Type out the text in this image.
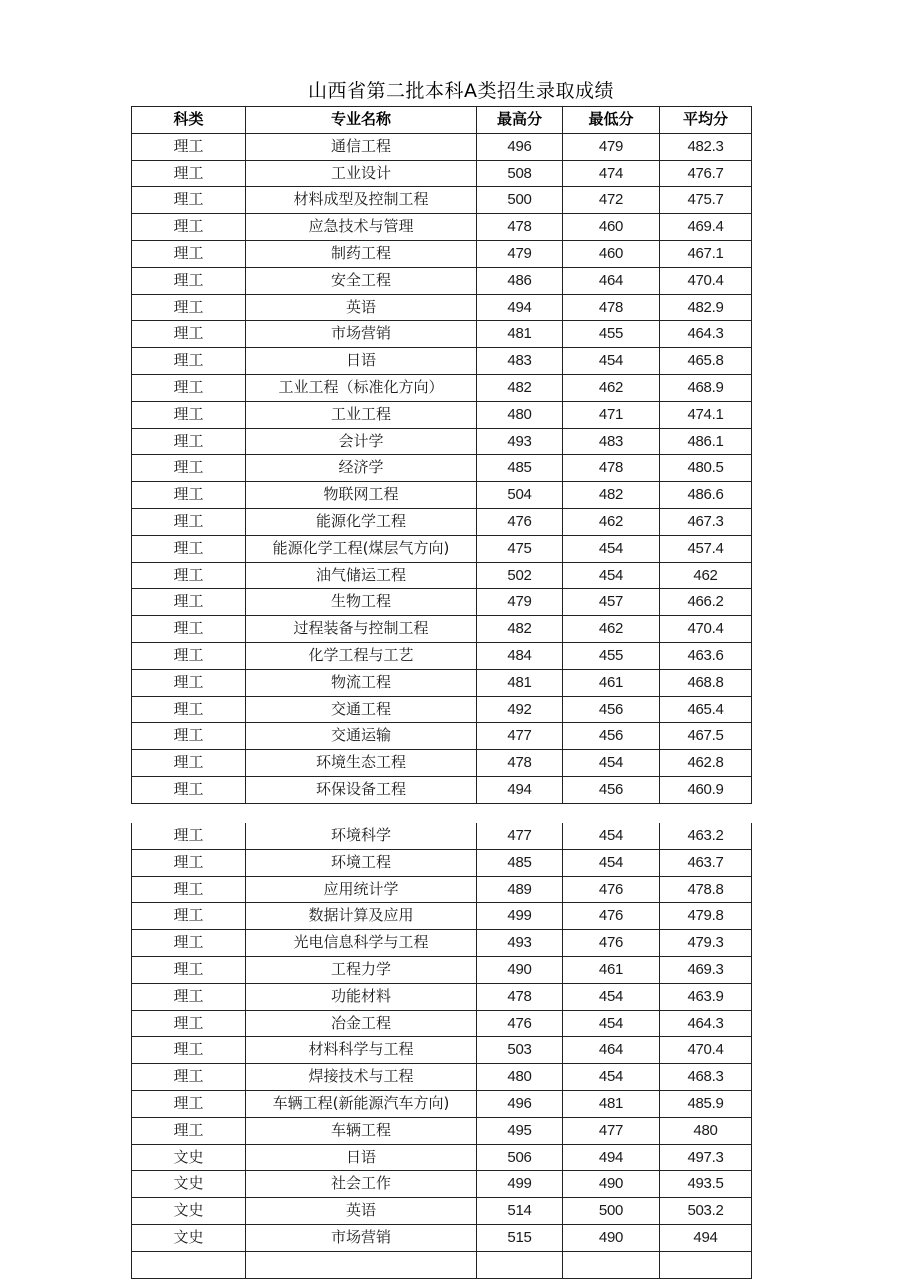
山西省第二批本科A类招生录取成绩
科类	专业名称	最高分	最低分	平均分
理工	通信工程	496	479	482.3
理工	工业设计	508	474	476.7
理工	材料成型及控制工程	500	472	475.7
理工	应急技术与管理	478	460	469.4
理工	制药工程	479	460	467.1
理工	安全工程	486	464	470.4
理工	英语	494	478	482.9
理工	市场营销	481	455	464.3
理工	日语	483	454	465.8
理工	工业工程（标准化方向）	482	462	468.9
理工	工业工程	480	471	474.1
理工	会计学	493	483	486.1
理工	经济学	485	478	480.5
理工	物联网工程	504	482	486.6
理工	能源化学工程	476	462	467.3
理工	能源化学工程(煤层气方向)	475	454	457.4
理工	油气储运工程	502	454	462
理工	生物工程	479	457	466.2
理工	过程装备与控制工程	482	462	470.4
理工	化学工程与工艺	484	455	463.6
理工	物流工程	481	461	468.8
理工	交通工程	492	456	465.4
理工	交通运输	477	456	467.5
理工	环境生态工程	478	454	462.8
理工	环保设备工程	494	456	460.9
理工	环境科学	477	454	463.2
理工	环境工程	485	454	463.7
理工	应用统计学	489	476	478.8
理工	数据计算及应用	499	476	479.8
理工	光电信息科学与工程	493	476	479.3
理工	工程力学	490	461	469.3
理工	功能材料	478	454	463.9
理工	冶金工程	476	454	464.3
理工	材料科学与工程	503	464	470.4
理工	焊接技术与工程	480	454	468.3
理工	车辆工程(新能源汽车方向)	496	481	485.9
理工	车辆工程	495	477	480
文史	日语	506	494	497.3
文史	社会工作	499	490	493.5
文史	英语	514	500	503.2
文史	市场营销	515	490	494
